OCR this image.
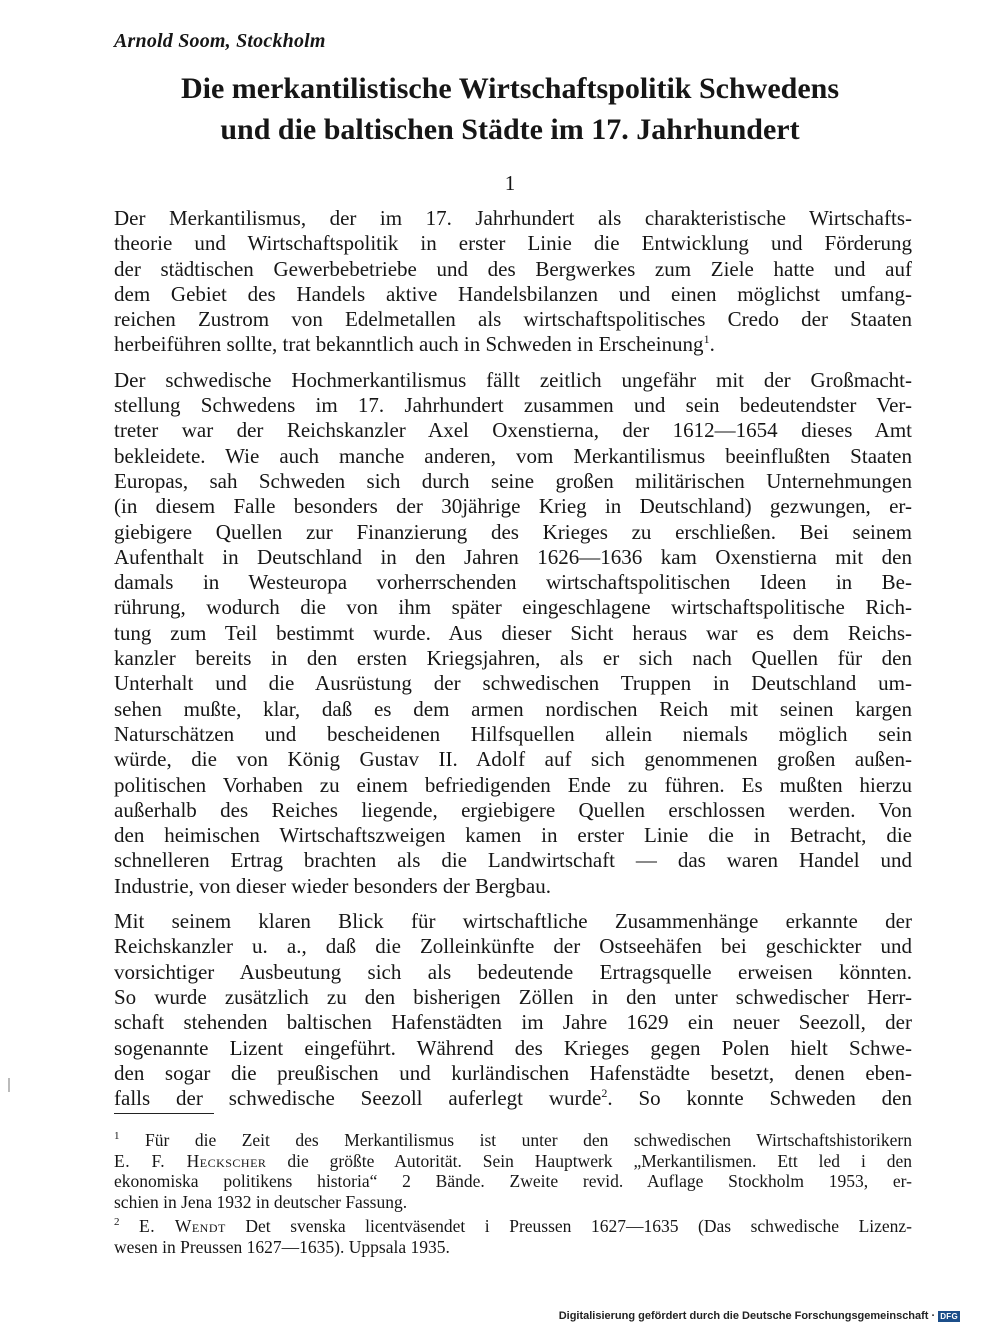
Arnold Soom, Stockholm
Die merkantilistische Wirtschaftspolitik Schwedens
und die baltischen Städte im 17. Jahrhundert
1
Der Merkantilismus, der im 17. Jahrhundert als charakteristische Wirtschafts-
theorie und Wirtschaftspolitik in erster Linie die Entwicklung und Förderung
der städtischen Gewerbebetriebe und des Bergwerkes zum Ziele hatte und auf
dem Gebiet des Handels aktive Handelsbilanzen und einen möglichst umfang-
reichen Zustrom von Edelmetallen als wirtschaftspolitisches Credo der Staaten
herbeiführen sollte, trat bekanntlich auch in Schweden in Erscheinung$^1$.
Der schwedische Hochmerkantilismus fällt zeitlich ungefähr mit der Großmacht-
stellung Schwedens im 17. Jahrhundert zusammen und sein bedeutendster Ver-
treter war der Reichskanzler Axel Oxenstierna, der 1612—1654 dieses Amt
bekleidete. Wie auch manche anderen, vom Merkantilismus beeinflußten Staaten
Europas, sah Schweden sich durch seine großen militärischen Unternehmungen
(in diesem Falle besonders der 30jährige Krieg in Deutschland) gezwungen, er-
giebigere Quellen zur Finanzierung des Krieges zu erschließen. Bei seinem
Aufenthalt in Deutschland in den Jahren 1626—1636 kam Oxenstierna mit den
damals in Westeuropa vorherrschenden wirtschaftspolitischen Ideen in Be-
rührung, wodurch die von ihm später eingeschlagene wirtschaftspolitische Rich-
tung zum Teil bestimmt wurde. Aus dieser Sicht heraus war es dem Reichs-
kanzler bereits in den ersten Kriegsjahren, als er sich nach Quellen für den
Unterhalt und die Ausrüstung der schwedischen Truppen in Deutschland um-
sehen mußte, klar, daß es dem armen nordischen Reich mit seinen kargen
Naturschätzen und bescheidenen Hilfsquellen allein niemals möglich sein
würde, die von König Gustav II. Adolf auf sich genommenen großen außen-
politischen Vorhaben zu einem befriedigenden Ende zu führen. Es mußten hierzu
außerhalb des Reiches liegende, ergiebigere Quellen erschlossen werden. Von
den heimischen Wirtschaftszweigen kamen in erster Linie die in Betracht, die
schnelleren Ertrag brachten als die Landwirtschaft — das waren Handel und
Industrie, von dieser wieder besonders der Bergbau.
Mit seinem klaren Blick für wirtschaftliche Zusammenhänge erkannte der
Reichskanzler u. a., daß die Zolleinkünfte der Ostseehäfen bei geschickter und
vorsichtiger Ausbeutung sich als bedeutende Ertragsquelle erweisen könnten.
So wurde zusätzlich zu den bisherigen Zöllen in den unter schwedischer Herr-
schaft stehenden baltischen Hafenstädten im Jahre 1629 ein neuer Seezoll, der
sogenannte Lizent eingeführt. Während des Krieges gegen Polen hielt Schwe-
den sogar die preußischen und kurländischen Hafenstädte besetzt, denen eben-
falls der schwedische Seezoll auferlegt wurde$^2$. So konnte Schweden den
$^1$ Für die Zeit des Merkantilismus ist unter den schwedischen Wirtschaftshistorikern
E. F. Heckscher die größte Autorität. Sein Hauptwerk „Merkantilismen. Ett led i den
ekonomiska politikens historia“ 2 Bände. Zweite revid. Auflage Stockholm 1953, er-
schien in Jena 1932 in deutscher Fassung.
$^2$ E. Wendt Det svenska licentväsendet i Preussen 1627—1635 (Das schwedische Lizenz-
wesen in Preussen 1627—1635). Uppsala 1935.
Digitalisierung gefördert durch die Deutsche Forschungsgemeinschaft · DFG
